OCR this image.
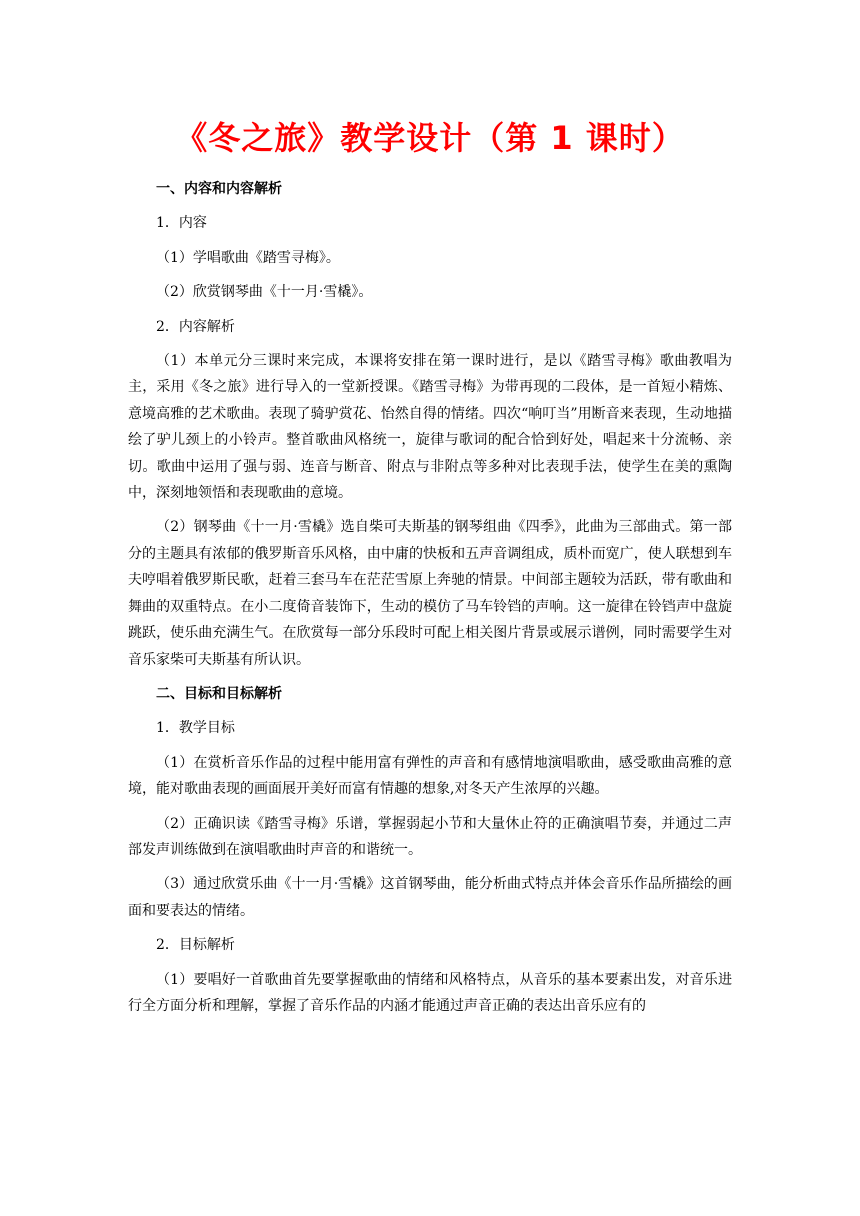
《冬之旅》教学设计（第 1 课时）

一、内容和内容解析

1．内容

（1）学唱歌曲《踏雪寻梅》。

（2）欣赏钢琴曲《十一月·雪橇》。

2．内容解析

（1）本单元分三课时来完成，本课将安排在第一课时进行，是以《踏雪寻梅》歌曲教唱为主，采用《冬之旅》进行导入的一堂新授课。《踏雪寻梅》为带再现的二段体，是一首短小精炼、意境高雅的艺术歌曲。表现了骑驴赏花、怡然自得的情绪。四次“响叮当”用断音来表现，生动地描绘了驴儿颈上的小铃声。整首歌曲风格统一，旋律与歌词的配合恰到好处，唱起来十分流畅、亲切。歌曲中运用了强与弱、连音与断音、附点与非附点等多种对比表现手法，使学生在美的熏陶中，深刻地领悟和表现歌曲的意境。

（2）钢琴曲《十一月·雪橇》选自柴可夫斯基的钢琴组曲《四季》，此曲为三部曲式。第一部分的主题具有浓郁的俄罗斯音乐风格，由中庸的快板和五声音调组成，质朴而宽广，使人联想到车夫哼唱着俄罗斯民歌，赶着三套马车在茫茫雪原上奔驰的情景。中间部主题较为活跃，带有歌曲和舞曲的双重特点。在小二度倚音装饰下，生动的模仿了马车铃铛的声响。这一旋律在铃铛声中盘旋跳跃，使乐曲充满生气。在欣赏每一部分乐段时可配上相关图片背景或展示谱例，同时需要学生对音乐家柴可夫斯基有所认识。

二、目标和目标解析

1．教学目标

（1）在赏析音乐作品的过程中能用富有弹性的声音和有感情地演唱歌曲，感受歌曲高雅的意境，能对歌曲表现的画面展开美好而富有情趣的想象,对冬天产生浓厚的兴趣。

（2）正确识读《踏雪寻梅》乐谱，掌握弱起小节和大量休止符的正确演唱节奏，并通过二声部发声训练做到在演唱歌曲时声音的和谐统一。

（3）通过欣赏乐曲《十一月·雪橇》这首钢琴曲，能分析曲式特点并体会音乐作品所描绘的画面和要表达的情绪。

2．目标解析

（1）要唱好一首歌曲首先要掌握歌曲的情绪和风格特点，从音乐的基本要素出发，对音乐进行全方面分析和理解，掌握了音乐作品的内涵才能通过声音正确的表达出音乐应有的
